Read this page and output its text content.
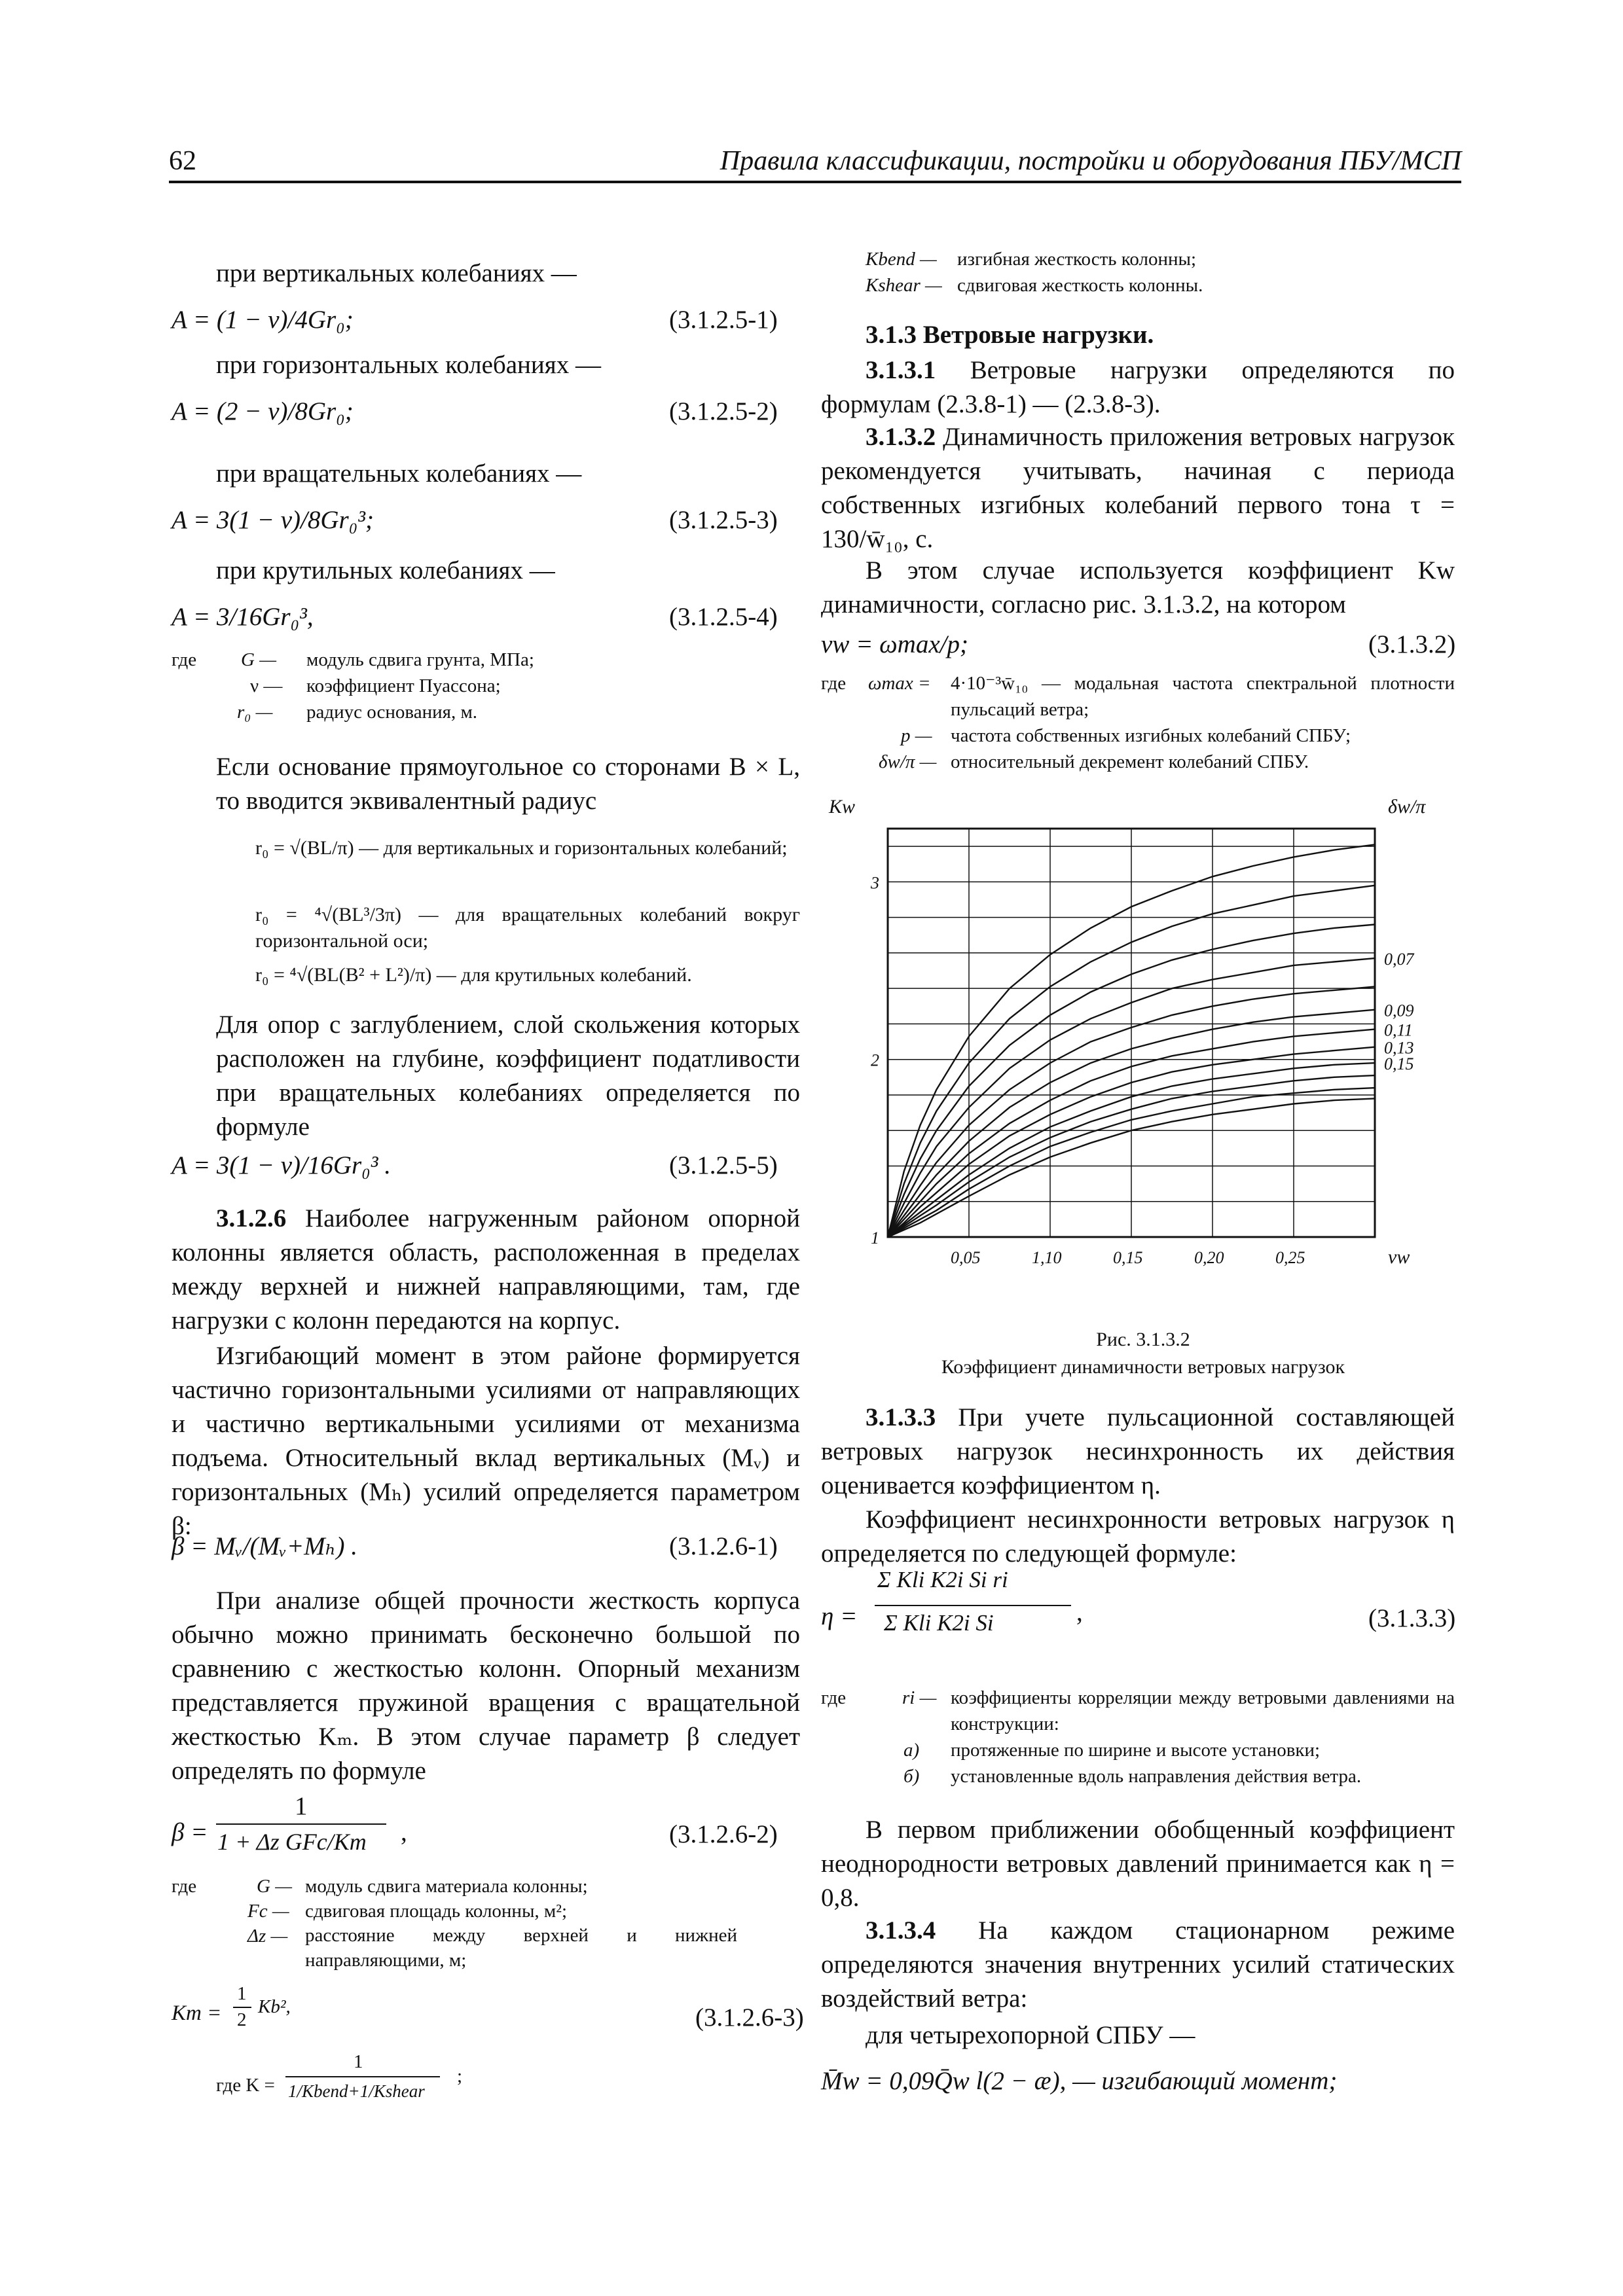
62	Правила классификации, постройки и оборудования ПБУ/МСП
при вертикальных колебаниях —
A = (1 − ν)/4Gr₀;	(3.1.2.5-1)
при горизонтальных колебаниях —
A = (2 − ν)/8Gr₀;	(3.1.2.5-2)
при вращательных колебаниях —
A = 3(1 − ν)/8Gr₀³;	(3.1.2.5-3)
при крутильных колебаниях —
A = 3/16Gr₀³,	(3.1.2.5-4)
где G — модуль сдвига грунта, МПа;
ν — коэффициент Пуассона;
r₀ — радиус основания, м.
Если основание прямоугольное со сторонами B × L, то вводится эквивалентный радиус
r₀ = √(BL/π) — для вертикальных и горизонтальных колебаний;
r₀ = ⁴√(BL³/3π) — для вращательных колебаний вокруг горизонтальной оси;
r₀ = ⁴√(BL(B² + L²)/π) — для крутильных колебаний.
Для опор с заглублением, слой скольжения которых расположен на глубине, коэффициент податливости при вращательных колебаниях определяется по формуле
A = 3(1 − ν)/16Gr₀³ .	(3.1.2.5-5)
3.1.2.6 Наиболее нагруженным районом опорной колонны является область, расположенная в пределах между верхней и нижней направляющими, там, где нагрузки с колонн передаются на корпус.
Изгибающий момент в этом районе формируется частично горизонтальными усилиями от направляющих и частично вертикальными усилиями от механизма подъема. Относительный вклад вертикальных (Mᵥ) и горизонтальных (Mₕ) усилий определяется параметром β:
β = Mᵥ/(Mᵥ+Mₕ) .	(3.1.2.6-1)
При анализе общей прочности жесткость корпуса обычно можно принимать бесконечно большой по сравнению с жесткостью колонн. Опорный механизм представляется пружиной вращения с вращательной жесткостью Kₘ. В этом случае параметр β следует определять по формуле
β =
1
1 + Δz GFc/Km ,	(3.1.2.6-2)
где	G — модуль сдвига материала колонны;
Fc — сдвиговая площадь колонны, м²;
Δz — расстояние между верхней и нижней направляющими, м;
Km =
1
2
Kb²,	(3.1.2.6-3)
где K =
1
1/Kbend+1/Kshear
;
Kbend — изгибная жесткость колонны;
Kshear — сдвиговая жесткость колонны.
3.1.3 Ветровые нагрузки.
3.1.3.1 Ветровые нагрузки определяются по формулам (2.3.8-1) — (2.3.8-3).
3.1.3.2 Динамичность приложения ветровых нагрузок рекомендуется учитывать, начиная с периода собственных изгибных колебаний первого тона τ = 130/w̄₁₀, с.
В этом случае используется коэффициент Kw динамичности, согласно рис. 3.1.3.2, на котором
νw = ωmax/p;	(3.1.3.2)
где ωmax = 4·10⁻³w̄₁₀ — модальная частота спектральной плотности пульсаций ветра;
p — частота собственных изгибных колебаний СПБУ;
δw/π — относительный декремент колебаний СПБУ.
0,07
0,09
0,11
0,13
0,15
1
2
3
0,05	1,10	0,15	0,20	0,25
Kw	δw/π
νw
Рис. 3.1.3.2
Коэффициент динамичности ветровых нагрузок
3.1.3.3 При учете пульсационной составляющей ветровых нагрузок несинхронность их действия оценивается коэффициентом η.
Коэффициент несинхронности ветровых нагрузок η определяется по следующей формуле:
η =
Σ Kli K2i Si ri
Σ Kli K2i Si	,	(3.1.3.3)
где	ri — коэффициенты корреляции между ветровыми давлениями на конструкции:
а) протяженные по ширине и высоте установки;
б) установленные вдоль направления действия ветра.
В первом приближении обобщенный коэффициент неоднородности ветровых давлений принимается как η = 0,8.
3.1.3.4 На каждом стационарном режиме определяются значения внутренних усилий статических воздействий ветра:
для четырехопорной СПБУ —
M̄w = 0,09Q̄w l(2 − æ), — изгибающий момент;
